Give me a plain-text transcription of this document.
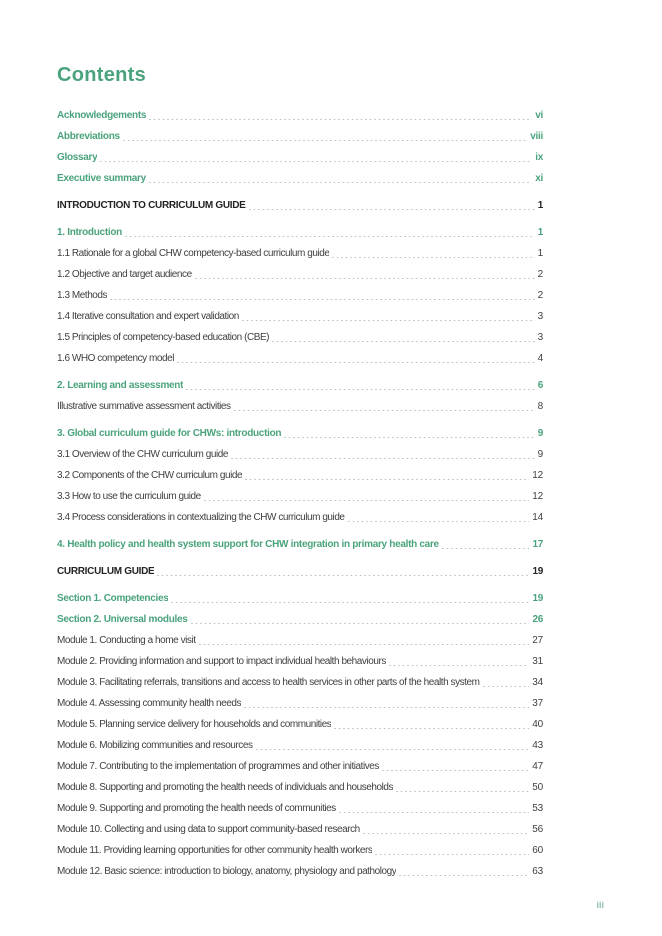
Contents
Acknowledgements	vi
Abbreviations	viii
Glossary	ix
Executive summary	xi
INTRODUCTION TO CURRICULUM GUIDE	1
1. Introduction	1
1.1 Rationale for a global CHW competency-based curriculum guide	1
1.2 Objective and target audience	2
1.3 Methods	2
1.4 Iterative consultation and expert validation	3
1.5 Principles of competency-based education (CBE)	3
1.6 WHO competency model	4
2. Learning and assessment	6
Illustrative summative assessment activities	8
3. Global curriculum guide for CHWs: introduction	9
3.1 Overview of the CHW curriculum guide	9
3.2 Components of the CHW curriculum guide	12
3.3 How to use the curriculum guide	12
3.4 Process considerations in contextualizing the CHW curriculum guide	14
4. Health policy and health system support for CHW integration in primary health care	17
CURRICULUM GUIDE	19
Section 1. Competencies	19
Section 2. Universal modules	26
Module 1. Conducting a home visit	27
Module 2. Providing information and support to impact individual health behaviours	31
Module 3. Facilitating referrals, transitions and access to health services in other parts of the health system	34
Module 4. Assessing community health needs	37
Module 5. Planning service delivery for households and communities	40
Module 6. Mobilizing communities and resources	43
Module 7. Contributing to the implementation of programmes and other initiatives	47
Module 8. Supporting and promoting the health needs of individuals and households	50
Module 9. Supporting and promoting the health needs of communities	53
Module 10. Collecting and using data to support community-based research	56
Module 11. Providing learning opportunities for other community health workers	60
Module 12. Basic science: introduction to biology, anatomy, physiology and pathology	63
iii
